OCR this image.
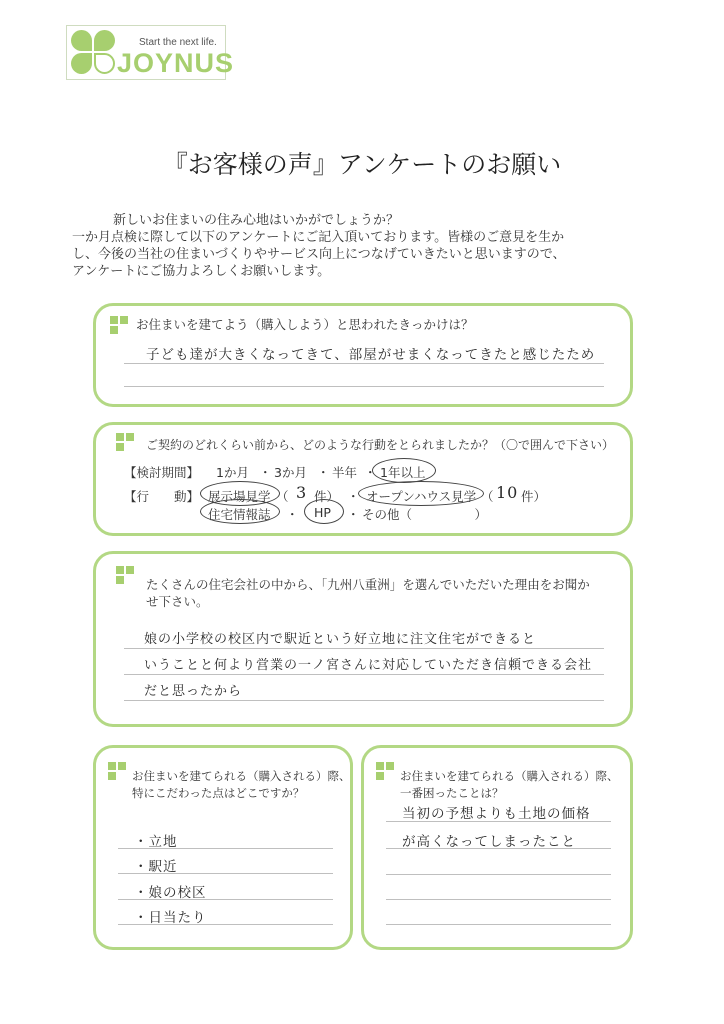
Start the next life.
JOYNUS
『お客様の声』アンケートのお願い

新しいお住まいの住み心地はいかがでしょうか？

一か月点検に際して以下のアンケートにご記入頂いております。皆様のご意見を生か

し、今後の当社の住まいづくりやサービス向上につなげていきたいと思いますので、

アンケートにご協力よろしくお願いします。

お住まいを建てよう（購入しよう）と思われたきっかけは？
子ども達が大きくなってきて、部屋がせまくなってきたと感じたため
ご契約のどれくらい前から、どのような行動をとられましたか？（〇で囲んで下さい）
【検討期間】 1か月 ・ 3か月 ・ 半年 ・ 1年以上
【行　　動】 展示場見学 （ 3 件） ・ オープンハウス見学 （ 10 件）
住宅情報誌 ・ HP ・ その他（　　　　　）
たくさんの住宅会社の中から、「九州八重洲」を選んでいただいた理由をお聞か
せ下さい。
娘の小学校の校区内で駅近という好立地に注文住宅ができると
いうことと何より営業の一ノ宮さんに対応していただき信頼できる会社
だと思ったから
お住まいを建てられる（購入される）際、
特にこだわった点はどこですか？
・立地
・駅近
・娘の校区
・日当たり
お住まいを建てられる（購入される）際、
一番困ったことは？
当初の予想よりも土地の価格
が高くなってしまったこと
